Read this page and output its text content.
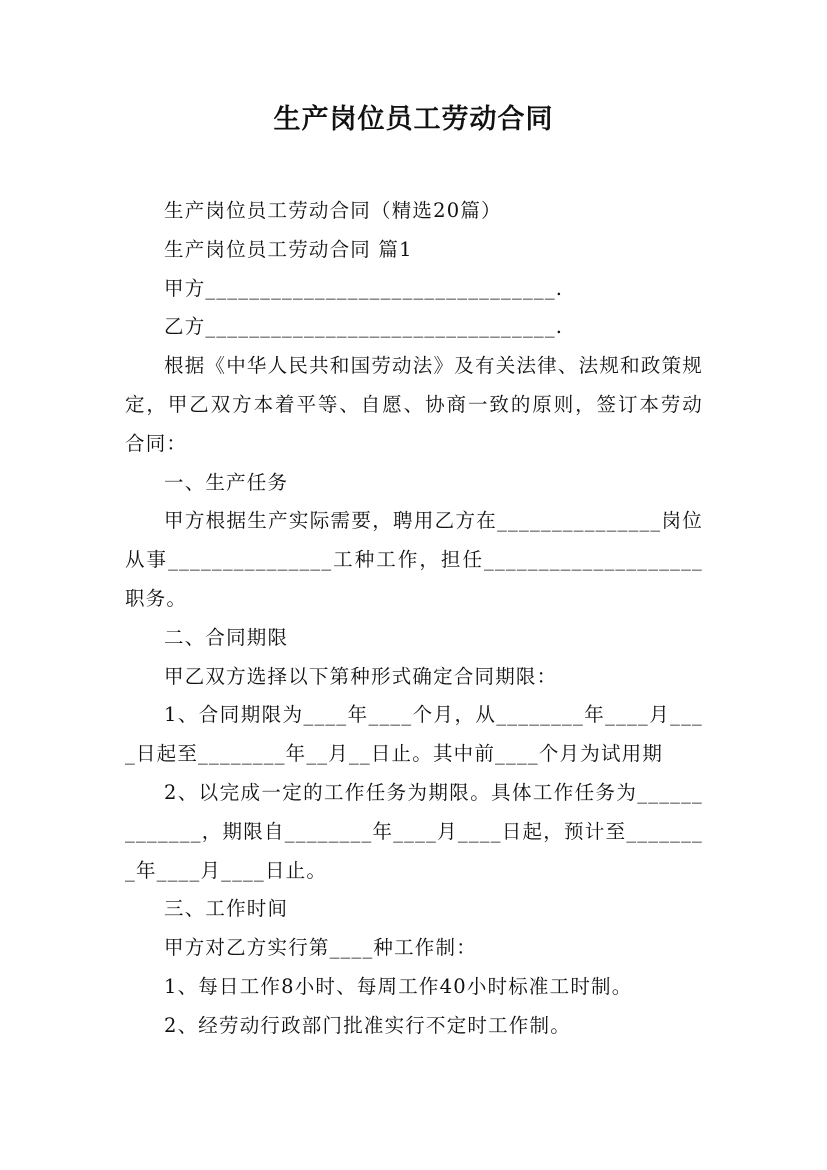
生产岗位员工劳动合同

生产岗位员工劳动合同（精选20篇）

生产岗位员工劳动合同 篇1

甲方________________________________.

乙方________________________________.

根据《中华人民共和国劳动法》及有关法律、法规和政策规定，甲乙双方本着平等、自愿、协商一致的原则，签订本劳动合同：

一、生产任务

甲方根据生产实际需要，聘用乙方在_______________岗位从事_______________工种工作，担任____________________职务。

二、合同期限

甲乙双方选择以下第种形式确定合同期限：

1、合同期限为____年____个月，从________年____月____日起至________年__月__日止。其中前____个月为试用期

2、以完成一定的工作任务为期限。具体工作任务为_____________，期限自________年____月____日起，预计至________年____月____日止。

三、工作时间

甲方对乙方实行第____种工作制：

1、每日工作8小时、每周工作40小时标准工时制。

2、经劳动行政部门批准实行不定时工作制。
